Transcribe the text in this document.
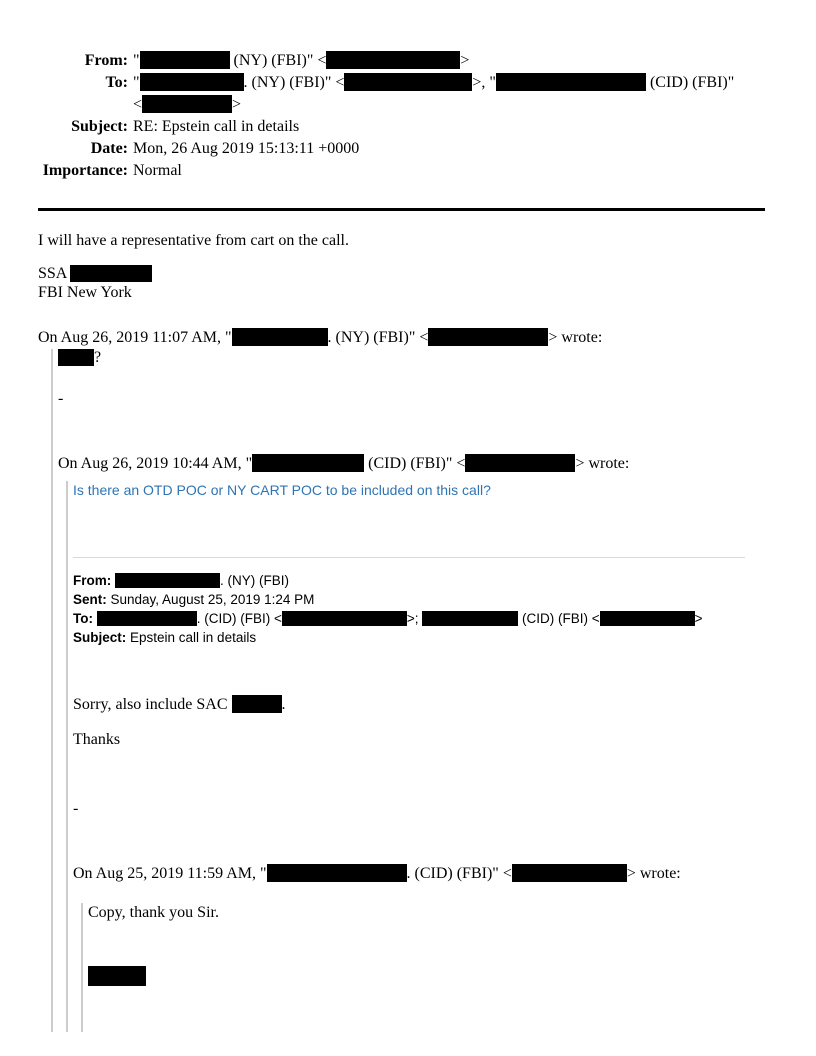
From: "	(NY) (FBI)" <	>
To: "	. (NY) (FBI)" <	>, "	(CID) (FBI)"
<	>
Subject: RE: Epstein call in details
Date: Mon, 26 Aug 2019 15:13:11 +0000
Importance: Normal
I will have a representative from cart on the call.
SSA
FBI New York
On Aug 26, 2019 11:07 AM, "	. (NY) (FBI)" <	> wrote:
?
-
On Aug 26, 2019 10:44 AM, "	(CID) (FBI)" <	> wrote:
Is there an OTD POC or NY CART POC to be included on this call?
From:	. (NY) (FBI)
Sent: Sunday, August 25, 2019 1:24 PM
To:	. (CID) (FBI) <	>;	(CID) (FBI) <	>
Subject: Epstein call in details
Sorry, also include SAC	.
Thanks
-
On Aug 25, 2019 11:59 AM, "	. (CID) (FBI)" <	> wrote:
Copy, thank you Sir.
